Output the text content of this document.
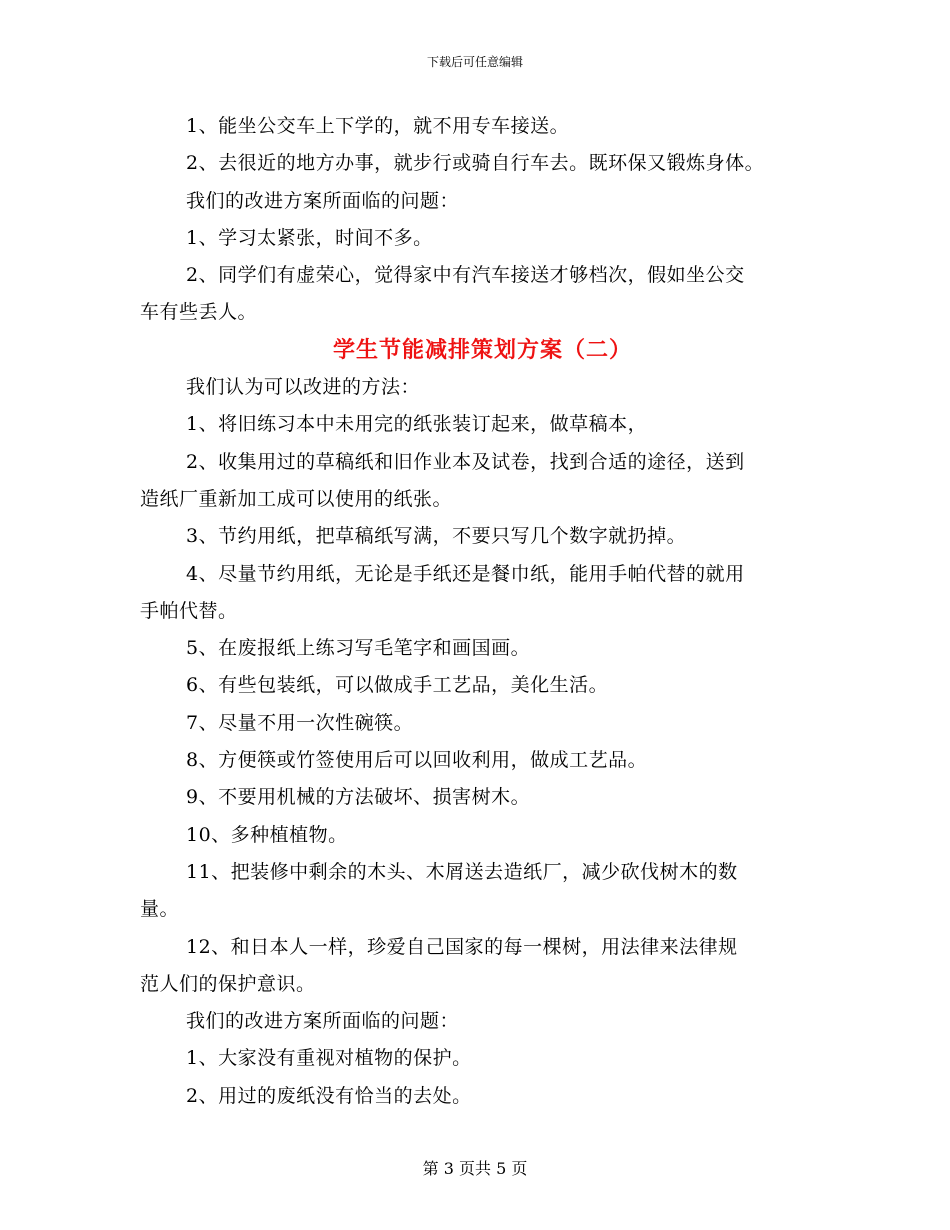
下载后可任意编辑
1、能坐公交车上下学的，就不用专车接送。
2、去很近的地方办事，就步行或骑自行车去。既环保又锻炼身体。
我们的改进方案所面临的问题：
1、学习太紧张，时间不多。
2、同学们有虚荣心，觉得家中有汽车接送才够档次，假如坐公交
车有些丢人。
学生节能减排策划方案（二）
我们认为可以改进的方法：
1、将旧练习本中未用完的纸张装订起来，做草稿本，
2、收集用过的草稿纸和旧作业本及试卷，找到合适的途径，送到
造纸厂重新加工成可以使用的纸张。
3、节约用纸，把草稿纸写满，不要只写几个数字就扔掉。
4、尽量节约用纸，无论是手纸还是餐巾纸，能用手帕代替的就用
手帕代替。
5、在废报纸上练习写毛笔字和画国画。
6、有些包装纸，可以做成手工艺品，美化生活。
7、尽量不用一次性碗筷。
8、方便筷或竹签使用后可以回收利用，做成工艺品。
9、不要用机械的方法破坏、损害树木。
10、多种植植物。
11、把装修中剩余的木头、木屑送去造纸厂，减少砍伐树木的数
量。
12、和日本人一样，珍爱自己国家的每一棵树，用法律来法律规
范人们的保护意识。
我们的改进方案所面临的问题：
1、大家没有重视对植物的保护。
2、用过的废纸没有恰当的去处。
第 3 页共 5 页
